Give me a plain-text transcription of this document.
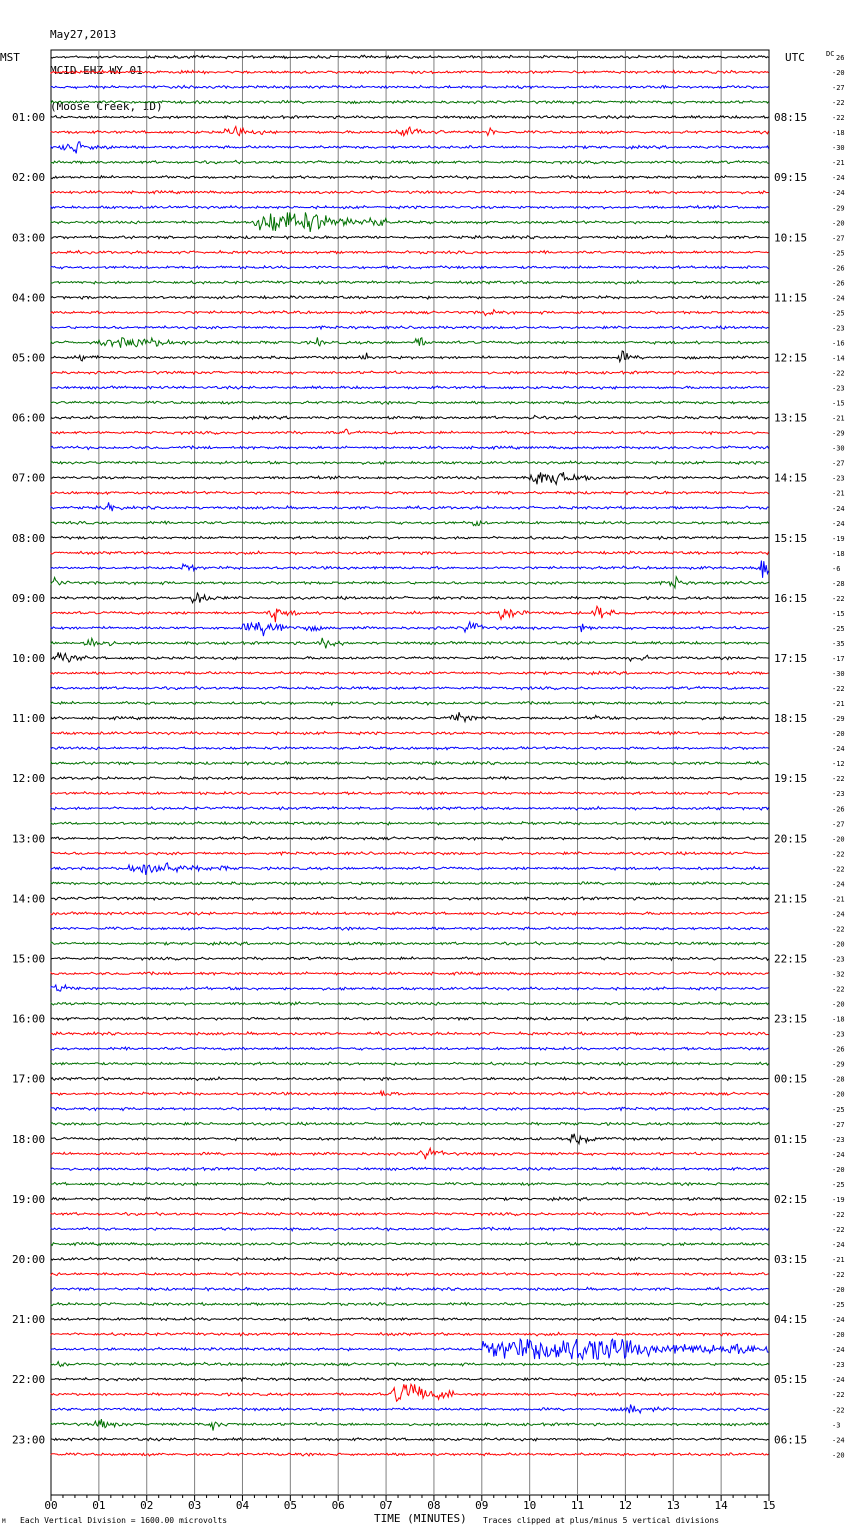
May27,2013

MCID EHZ WY 01

(Moose Creek, ID)

MST	UTC
01:00
02:00
03:00
04:00
05:00
06:00
07:00
08:00
09:00
10:00
11:00
12:00
13:00
14:00
15:00
16:00
17:00
18:00
19:00
20:00
21:00
22:00
23:00
08:15
09:15
10:15
11:15
12:15
13:15
14:15
15:15
16:15
17:15
18:15
19:15
20:15
21:15
22:15
23:15
00:15
01:15
02:15
03:15
04:15
05:15
06:15
DC 26
-20
-27
-22
-22
-18
-30
-21
-24
-24
-29
-20
-27
-25
-26
-26
-24
-25
-23
-16
-14
-22
-23
-15
-21
-29
-30
-27
-23
-21
-24
-24
-19
-18
-6
-28
-22
-15
-25
-35
-17
-30
-22
-21
-29
-20
-24
-12
-22
-23
-26
-27
-20
-22
-22
-24
-21
-24
-22
-20
-23
-32
-22
-20
-18
-23
-26
-29
-28
-20
-25
-27
-23
-24
-20
-25
-19
-22
-22
-24
-21
-22
-20
-25
-24
-20
-24
-23
-24
-22
-22
-3
-24
-20
00	01	02	03	04	05	06	07	08	09	10	11	12	13	14	15
TIME (MINUTES)
Each Vertical Division = 1600.00 microvolts	Traces clipped at plus/minus 5 vertical divisions
M
